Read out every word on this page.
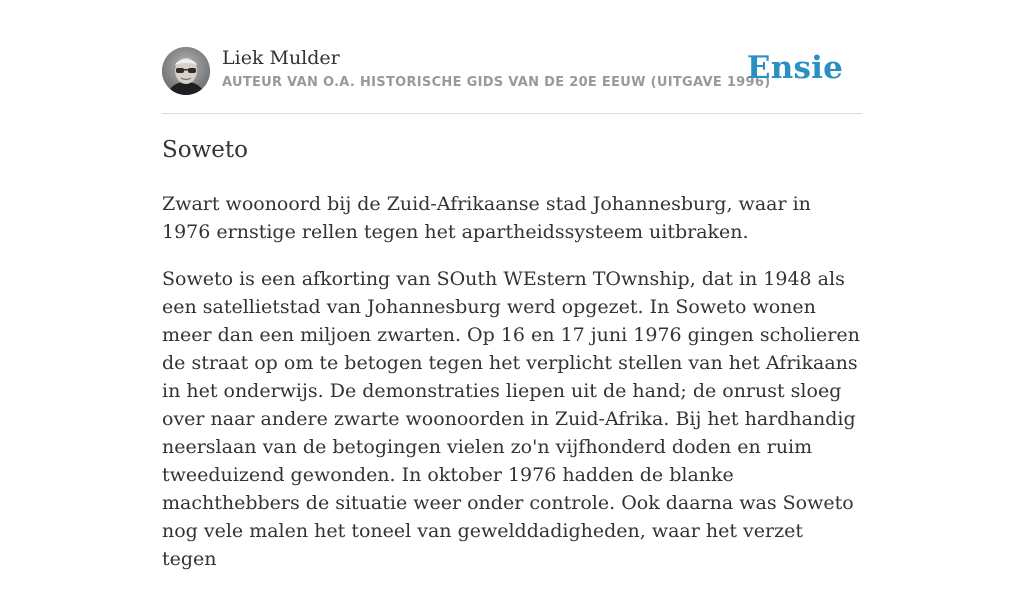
Liek Mulder
AUTEUR VAN O.A. HISTORISCHE GIDS VAN DE 20E EEUW (UITGAVE 1996)
Ensie
Soweto

Zwart woonoord bij de Zuid-Afrikaanse stad Johannesburg, waar in 1976 ernstige rellen tegen het apartheidssysteem uitbraken.

Soweto is een afkorting van SOuth WEstern TOwnship, dat in 1948 als een satellietstad van Johannesburg werd opgezet. In Soweto wonen meer dan een miljoen zwarten. Op 16 en 17 juni 1976 gingen scholieren de straat op om te betogen tegen het verplicht stellen van het Afrikaans in het onderwijs. De demonstraties liepen uit de hand; de onrust sloeg over naar andere zwarte woonoorden in Zuid-Afrika. Bij het hardhandig neerslaan van de betogingen vielen zo'n vijfhonderd doden en ruim tweeduizend gewonden. In oktober 1976 hadden de blanke machthebbers de situatie weer onder controle. Ook daarna was Soweto nog vele malen het toneel van gewelddadigheden, waar het verzet tegen
